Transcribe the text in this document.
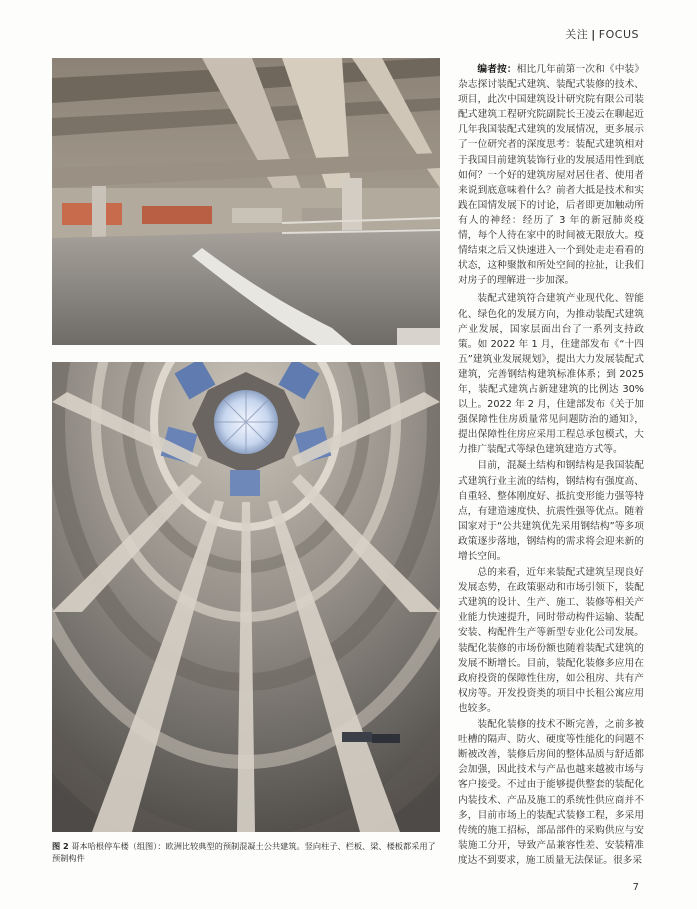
关注 | FOCUS
图 2 哥本哈根停车楼（组图）：欧洲比较典型的预制混凝土公共建筑。竖向柱子、栏板、梁、楼板都采用了预制构件

编者按：相比几年前第一次和《中装》杂志探讨装配式建筑、装配式装修的技术、项目，此次中国建筑设计研究院有限公司装配式建筑工程研究院副院长王凌云在聊起近几年我国装配式建筑的发展情况，更多展示了一位研究者的深度思考：装配式建筑相对于我国目前建筑装饰行业的发展适用性到底如何？一个好的建筑房屋对居住者、使用者来说到底意味着什么？前者大抵是技术和实践在国情发展下的讨论，后者即更加触动所有人的神经：经历了 3 年的新冠肺炎疫情，每个人待在家中的时间被无限放大。疫情结束之后又快速进入一个到处走走看看的状态，这种聚散和所处空间的拉扯，让我们对房子的理解进一步加深。

装配式建筑符合建筑产业现代化、智能化、绿色化的发展方向，为推动装配式建筑产业发展，国家层面出台了一系列支持政策。如 2022 年 1 月，住建部发布《“十四五”建筑业发展规划》，提出大力发展装配式建筑，完善钢结构建筑标准体系；到 2025 年，装配式建筑占新建建筑的比例达 30% 以上。2022 年 2 月，住建部发布《关于加强保障性住房质量常见问题防治的通知》，提出保障性住房应采用工程总承包模式，大力推广装配式等绿色建筑建造方式等。

目前，混凝土结构和钢结构是我国装配式建筑行业主流的结构，钢结构有强度高、自重轻、整体刚度好、抵抗变形能力强等特点，有建造速度快、抗震性强等优点。随着国家对于“公共建筑优先采用钢结构”等多项政策逐步落地，钢结构的需求将会迎来新的增长空间。

总的来看，近年来装配式建筑呈现良好发展态势，在政策驱动和市场引领下，装配式建筑的设计、生产、施工、装修等相关产业能力快速提升，同时带动构件运输、装配安装、构配件生产等新型专业化公司发展。装配化装修的市场份额也随着装配式建筑的发展不断增长。目前，装配化装修多应用在政府投资的保障性住房，如公租房、共有产权房等。开发投资类的项目中长租公寓应用也较多。

装配化装修的技术不断完善，之前多被吐槽的隔声、防火、硬度等性能化的问题不断被改善，装修后房间的整体品质与舒适都会加强，因此技术与产品也越来越被市场与客户接受。不过由于能够提供整套的装配化内装技术、产品及施工的系统性供应商并不多，目前市场上的装配式装修工程，多采用传统的施工招标，部品部件的采购供应与安装施工分开，导致产品兼容性差、安装精准度达不到要求，施工质量无法保证。很多采

7
